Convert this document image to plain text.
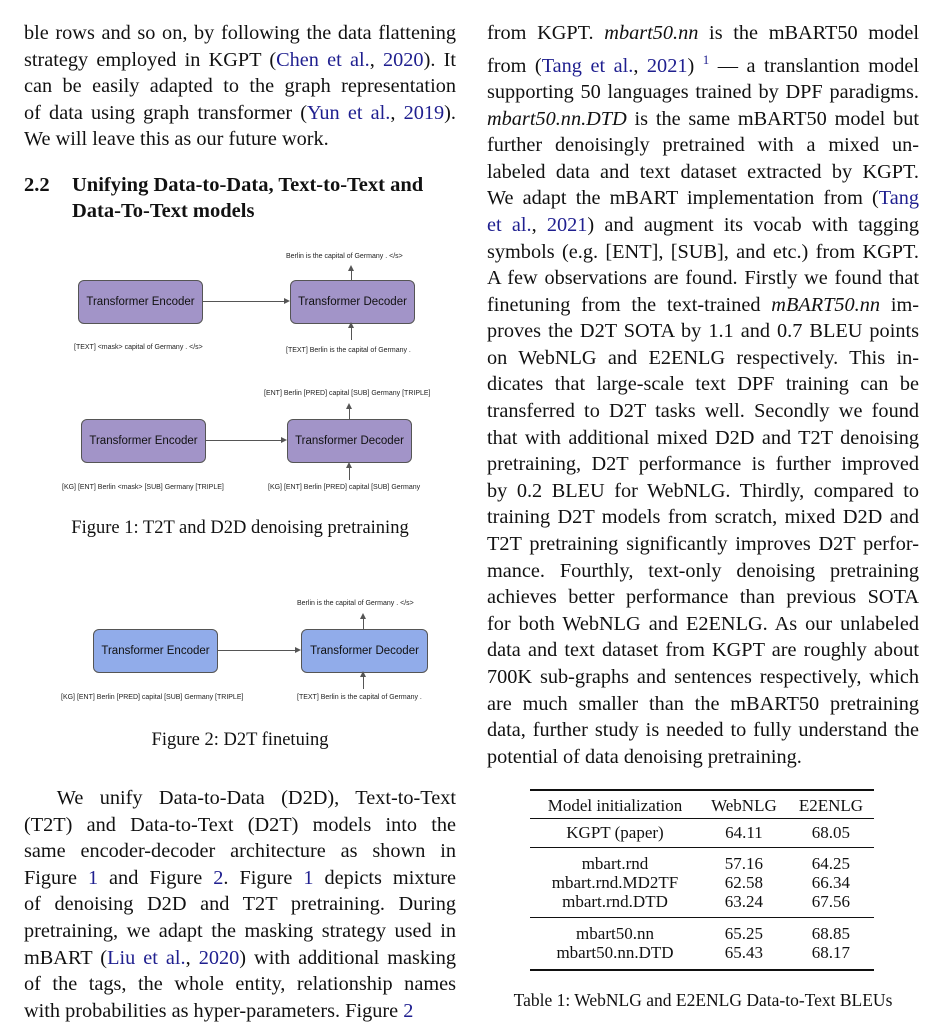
ble rows and so on, by following the data flattening
strategy employed in KGPT (Chen et al., 2020). It
can be easily adapted to the graph representation
of data using graph transformer (Yun et al., 2019).
We will leave this as our future work.

2.2 Unifying Data-to-Data, Text-to-Text and Data-To-Text models
Berlin is the capital of Germany . </s>
Transformer Encoder	Transformer Decoder
[TEXT] <mask> capital of Germany . </s>	[TEXT] Berlin is the capital of Germany .
[ENT] Berlin [PRED] capital [SUB] Germany [TRIPLE]
Transformer Encoder	Transformer Decoder
[KG] [ENT] Berlin <mask> [SUB] Germany [TRIPLE]	[KG] [ENT] Berlin [PRED] capital [SUB] Germany
Figure 1: T2T and D2D denoising pretraining
Berlin is the capital of Germany . </s>
Transformer Encoder	Transformer Decoder
[KG] [ENT] Berlin [PRED] capital [SUB] Germany [TRIPLE]	[TEXT] Berlin is the capital of Germany .
Figure 2: D2T finetuing

We unify Data-to-Data (D2D), Text-to-Text
(T2T) and Data-to-Text (D2T) models into the
same encoder-decoder architecture as shown in
Figure 1 and Figure 2. Figure 1 depicts mixture
of denoising D2D and T2T pretraining. During
pretraining, we adapt the masking strategy used in
mBART (Liu et al., 2020) with additional masking
of the tags, the whole entity, relationship names
with probabilities as hyper-parameters. Figure 2

from KGPT. mbart50.nn is the mBART50 model
from (Tang et al., 2021) $^1$ — a translantion model
supporting 50 languages trained by DPF paradigms.
mbart50.nn.DTD is the same mBART50 model but
further denoisingly pretrained with a mixed un-
labeled data and text dataset extracted by KGPT.
We adapt the mBART implementation from (Tang
et al., 2021) and augment its vocab with tagging
symbols (e.g. [ENT], [SUB], and etc.) from KGPT.
A few observations are found. Firstly we found that
finetuning from the text-trained mBART50.nn im-
proves the D2T SOTA by 1.1 and 0.7 BLEU points
on WebNLG and E2ENLG respectively. This in-
dicates that large-scale text DPF training can be
transferred to D2T tasks well. Secondly we found
that with additional mixed D2D and T2T denoising
pretraining, D2T performance is further improved
by 0.2 BLEU for WebNLG. Thirdly, compared to
training D2T models from scratch, mixed D2D and
T2T pretraining significantly improves D2T perfor-
mance. Fourthly, text-only denoising pretraining
achieves better performance than previous SOTA
for both WebNLG and E2ENLG. As our unlabeled
data and text dataset from KGPT are roughly about
700K sub-graphs and sentences respectively, which
are much smaller than the mBART50 pretraining
data, further study is needed to fully understand the
potential of data denoising pretraining.

Model initialization	WebNLG	E2ENLG
KGPT (paper)	64.11	68.05
mbart.rnd	57.16	64.25
mbart.rnd.MD2TF	62.58	66.34
mbart.rnd.DTD	63.24	67.56
mbart50.nn	65.25	68.85
mbart50.nn.DTD	65.43	68.17
Table 1: WebNLG and E2ENLG Data-to-Text BLEUs
